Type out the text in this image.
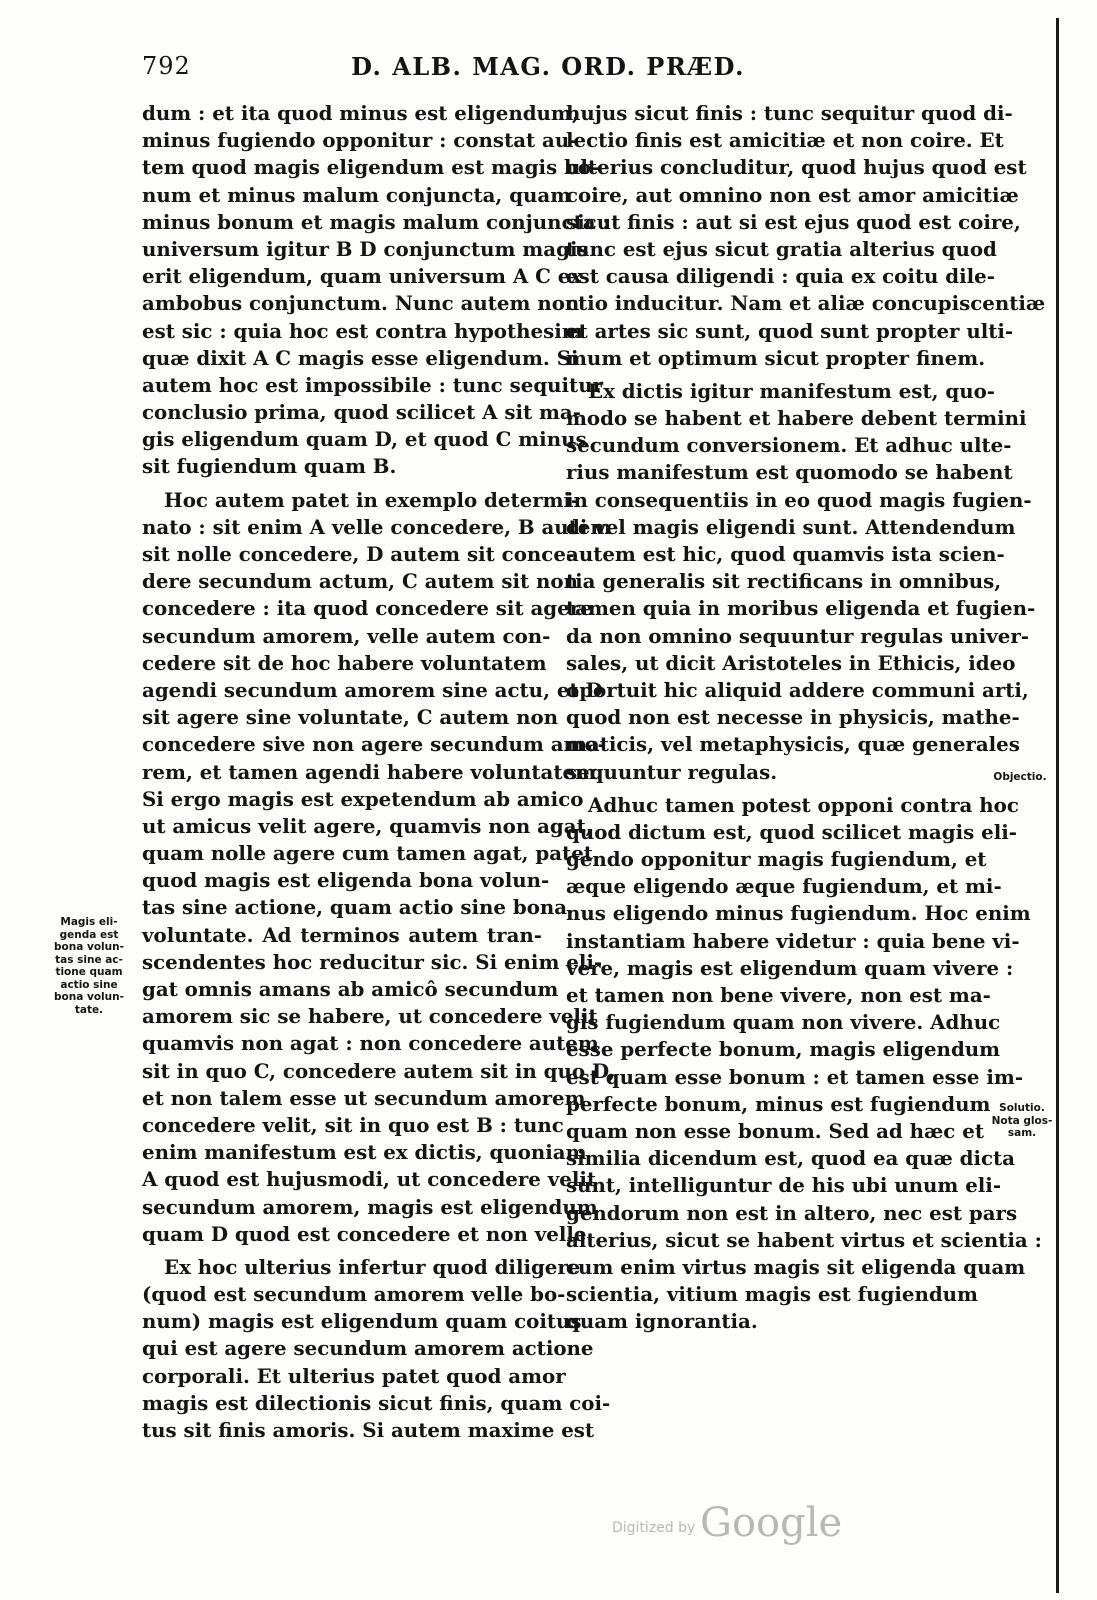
792	D. ALB. MAG. ORD. PRÆD.
dum : et ita quod minus est eligendum,
minus fugiendo opponitur : constat au-
tem quod magis eligendum est magis bo-
num et minus malum conjuncta, quam
minus bonum et magis malum conjuncta :
universum igitur B D conjunctum magis
erit eligendum, quam universum A C ex
ambobus conjunctum. Nunc autem non
est sic : quia hoc est contra hypothesim
quæ dixit A C magis esse eligendum. Si
autem hoc est impossibile : tunc sequitur
conclusio prima, quod scilicet A sit ma-
gis eligendum quam D, et quod C minus
sit fugiendum quam B.
Hoc autem patet in exemplo determi-
nato : sit enim A velle concedere, B autem
sit nolle concedere, D autem sit conce-
dere secundum actum, C autem sit non
concedere : ita quod concedere sit agere
secundum amorem, velle autem con-
cedere sit de hoc habere voluntatem
agendi secundum amorem sine actu, et D
sit agere sine voluntate, C autem non
concedere sive non agere secundum amo-
rem, et tamen agendi habere voluntatem.
Si ergo magis est expetendum ab amico
ut amicus velit agere, quamvis non agat,
quam nolle agere cum tamen agat, patet
quod magis est eligenda bona volun-
tas sine actione, quam actio sine bona
voluntate. Ad terminos autem tran-
scendentes hoc reducitur sic. Si enim eli-
gat omnis amans ab amicô secundum
amorem sic se habere, ut concedere velit
quamvis non agat : non concedere autem
sit in quo C, concedere autem sit in quo D,
et non talem esse ut secundum amorem
concedere velit, sit in quo est B : tunc
enim manifestum est ex dictis, quoniam
A quod est hujusmodi, ut concedere velit
secundum amorem, magis est eligendum
quam D quod est concedere et non velle.
Ex hoc ulterius infertur quod diligere
(quod est secundum amorem velle bo-
num) magis est eligendum quam coitus
qui est agere secundum amorem actione
corporali. Et ulterius patet quod amor
magis est dilectionis sicut finis, quam coi-
tus sit finis amoris. Si autem maxime est
hujus sicut finis : tunc sequitur quod di-
lectio finis est amicitiæ et non coire. Et
ulterius concluditur, quod hujus quod est
coire, aut omnino non est amor amicitiæ
sicut finis : aut si est ejus quod est coire,
tunc est ejus sicut gratia alterius quod
est causa diligendi : quia ex coitu dile-
ctio inducitur. Nam et aliæ concupiscentiæ
et artes sic sunt, quod sunt propter ulti-
mum et optimum sicut propter finem.
Ex dictis igitur manifestum est, quo-
modo se habent et habere debent termini
secundum conversionem. Et adhuc ulte-
rius manifestum est quomodo se habent
in consequentiis in eo quod magis fugien-
di vel magis eligendi sunt. Attendendum
autem est hic, quod quamvis ista scien-
tia generalis sit rectificans in omnibus,
tamen quia in moribus eligenda et fugien-
da non omnino sequuntur regulas univer-
sales, ut dicit Aristoteles in Ethicis, ideo
oportuit hic aliquid addere communi arti,
quod non est necesse in physicis, mathe-
maticis, vel metaphysicis, quæ generales
sequuntur regulas.
Adhuc tamen potest opponi contra hoc
quod dictum est, quod scilicet magis eli-
gendo opponitur magis fugiendum, et
æque eligendo æque fugiendum, et mi-
nus eligendo minus fugiendum. Hoc enim
instantiam habere videtur : quia bene vi-
vere, magis est eligendum quam vivere :
et tamen non bene vivere, non est ma-
gis fugiendum quam non vivere. Adhuc
esse perfecte bonum, magis eligendum
est quam esse bonum : et tamen esse im-
perfecte bonum, minus est fugiendum
quam non esse bonum. Sed ad hæc et
similia dicendum est, quod ea quæ dicta
sunt, intelliguntur de his ubi unum eli-
gendorum non est in altero, nec est pars
alterius, sicut se habent virtus et scientia :
cum enim virtus magis sit eligenda quam
scientia, vitium magis est fugiendum
quam ignorantia.
Magis eli-
genda est
bona volun-
tas sine ac-
tione quam
actio sine
bona volun-
tate.
Objectio.
Solutio.
Nota glos-
sam.
Digitized by Google
